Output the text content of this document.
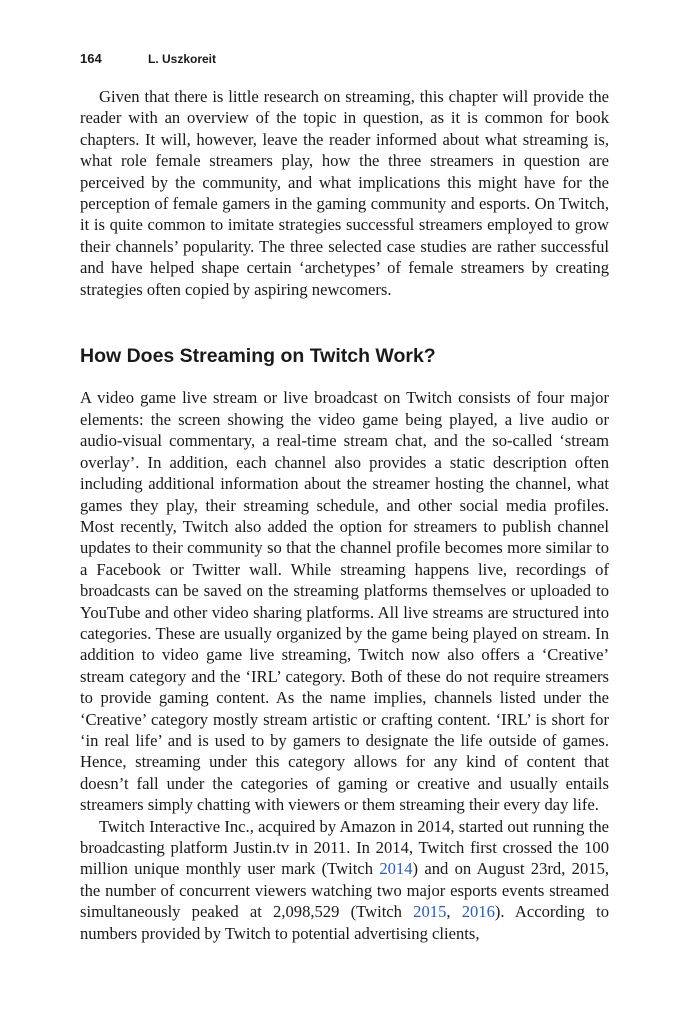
164	L. Uszkoreit

Given that there is little research on streaming, this chapter will provide the reader with an overview of the topic in question, as it is common for book chapters. It will, however, leave the reader informed about what streaming is, what role female streamers play, how the three streamers in question are perceived by the community, and what implications this might have for the perception of female gamers in the gaming community and esports. On Twitch, it is quite common to imitate strategies successful streamers employed to grow their channels’ popularity. The three selected case studies are rather successful and have helped shape certain ‘archetypes’ of female streamers by creating strategies often copied by aspiring newcomers.

How Does Streaming on Twitch Work?

A video game live stream or live broadcast on Twitch consists of four major elements: the screen showing the video game being played, a live audio or audio-visual commentary, a real-time stream chat, and the so-called ‘stream overlay’. In addition, each channel also provides a static description often including additional information about the streamer hosting the channel, what games they play, their streaming schedule, and other social media profiles. Most recently, Twitch also added the option for streamers to publish channel updates to their community so that the channel profile becomes more similar to a Facebook or Twitter wall. While streaming happens live, recordings of broadcasts can be saved on the streaming platforms themselves or uploaded to YouTube and other video sharing platforms. All live streams are structured into categories. These are usually organized by the game being played on stream. In addition to video game live streaming, Twitch now also offers a ‘Creative’ stream category and the ‘IRL’ category. Both of these do not require streamers to provide gaming content. As the name implies, channels listed under the ‘Creative’ category mostly stream artistic or crafting content. ‘IRL’ is short for ‘in real life’ and is used to by gamers to designate the life outside of games. Hence, streaming under this category allows for any kind of content that doesn’t fall under the categories of gaming or creative and usually entails streamers simply chatting with viewers or them streaming their every day life.

Twitch Interactive Inc., acquired by Amazon in 2014, started out running the broadcasting platform Justin.tv in 2011. In 2014, Twitch first crossed the 100 million unique monthly user mark (Twitch 2014) and on August 23rd, 2015, the number of concurrent viewers watching two major esports events streamed simultaneously peaked at 2,098,529 (Twitch 2015, 2016). According to numbers provided by Twitch to potential advertising clients,
